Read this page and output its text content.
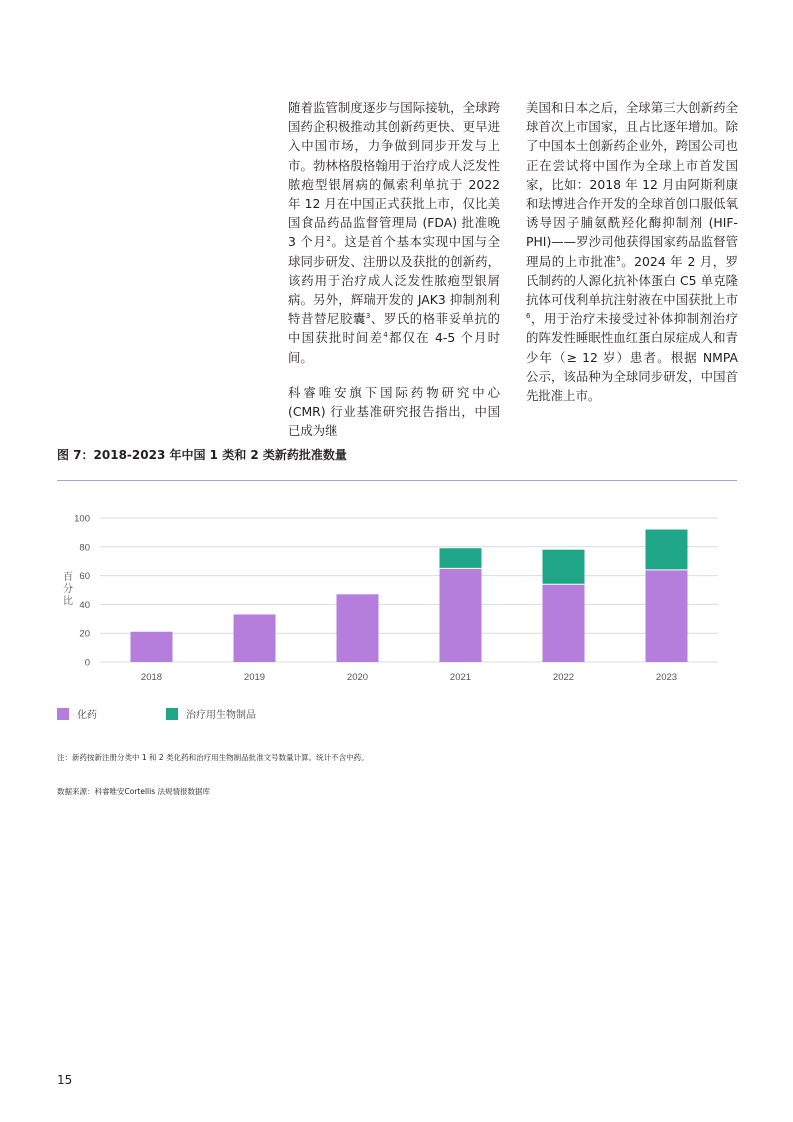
随着监管制度逐步与国际接轨，全球跨国药企积极推动其创新药更快、更早进入中国市场，力争做到同步开发与上市。勃林格殷格翰用于治疗成人泛发性脓疱型银屑病的佩索利单抗于 2022 年 12 月在中国正式获批上市，仅比美国食品药品监督管理局 (FDA) 批准晚 3 个月$^2$。这是首个基本实现中国与全球同步研发、注册以及获批的创新药，该药用于治疗成人泛发性脓疱型银屑病。另外，辉瑞开发的 JAK3 抑制剂利特昔替尼胶囊$^3$、罗氏的格菲妥单抗的中国获批时间差$^4$都仅在 4-5 个月时间。

科睿唯安旗下国际药物研究中心 (CMR) 行业基准研究报告指出，中国已成为继

美国和日本之后，全球第三大创新药全球首次上市国家，且占比逐年增加。除了中国本土创新药企业外，跨国公司也正在尝试将中国作为全球上市首发国家，比如：2018 年 12 月由阿斯利康和珐博进合作开发的全球首创口服低氧诱导因子脯氨酰羟化酶抑制剂 (HIF-PHI)——罗沙司他获得国家药品监督管理局的上市批准$^5$。2024 年 2 月，罗氏制药的人源化抗补体蛋白 C5 单克隆抗体可伐利单抗注射液在中国获批上市$^6$，用于治疗未接受过补体抑制剂治疗的阵发性睡眠性血红蛋白尿症成人和青少年（≥ 12 岁）患者。根据 NMPA 公示，该品种为全球同步研发，中国首先批准上市。

图 7：2018-2023 年中国 1 类和 2 类新药批准数量
0
20
40
60
80
100
百
分
比
2018	2019	2020	2021	2022	2023
化药	治疗用生物制品
注：新药按新注册分类中 1 和 2 类化药和治疗用生物制品批准文号数量计算。统计不含中药。
数据来源：科睿唯安Cortellis 法规情报数据库
15
